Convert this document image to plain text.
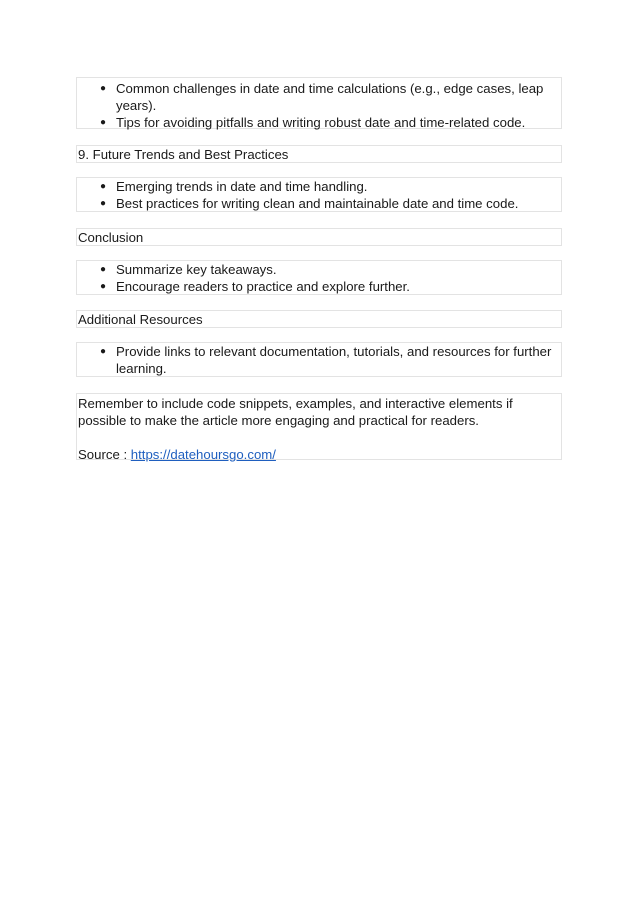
● Common challenges in date and time calculations (e.g., edge cases, leap years).
● Tips for avoiding pitfalls and writing robust date and time-related code.
9. Future Trends and Best Practices
● Emerging trends in date and time handling.
● Best practices for writing clean and maintainable date and time code.
Conclusion
● Summarize key takeaways.
● Encourage readers to practice and explore further.
Additional Resources
● Provide links to relevant documentation, tutorials, and resources for further learning.

Remember to include code snippets, examples, and interactive elements if possible to make the article more engaging and practical for readers.

Source : https://datehoursgo.com/
